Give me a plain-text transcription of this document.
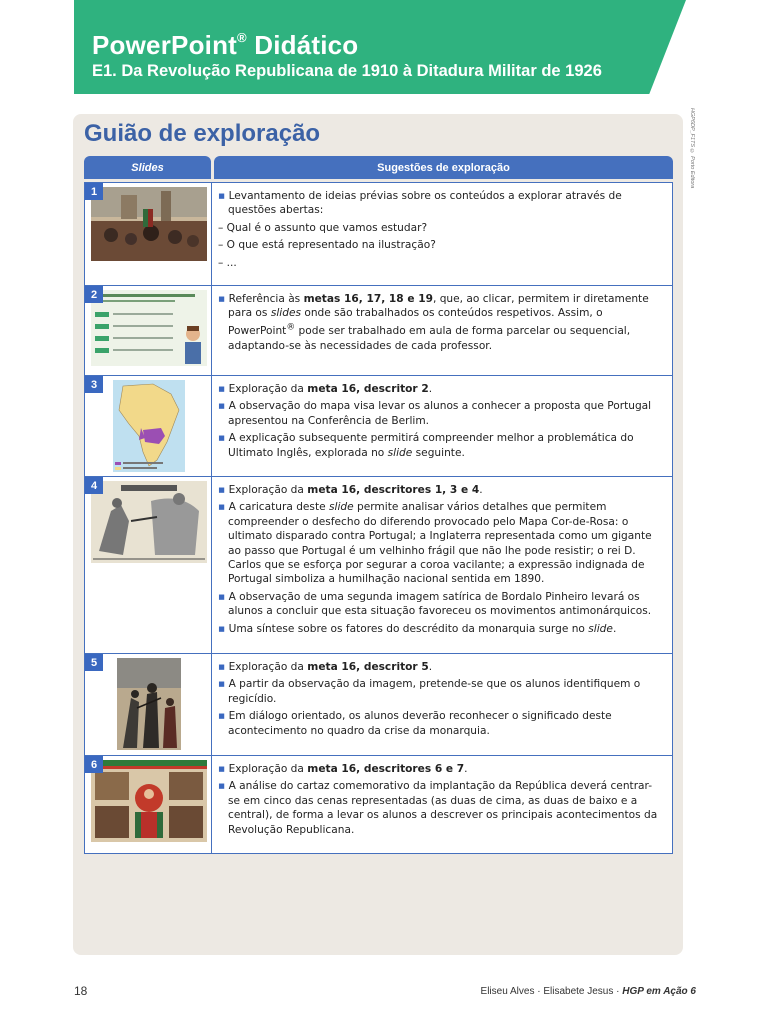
PowerPoint® Didático
E1. Da Revolução Republicana de 1910 à Ditadura Militar de 1926
HGP6DP_F1TS © Porto Editora
Guião de exploração
Slides	Sugestões de exploração
1	▪ Levantamento de ideias prévias sobre os conteúdos a explorar através de questões abertas:
– Qual é o assunto que vamos estudar?
– O que está representado na ilustração?
– ...
2	▪ Referência às metas 16, 17, 18 e 19, que, ao clicar, permitem ir diretamente para os slides onde são trabalhados os conteúdos respetivos. Assim, o PowerPoint® pode ser trabalhado em aula de forma parcelar ou sequencial, adaptando-se às necessidades de cada professor.
3	▪ Exploração da meta 16, descritor 2.
▪ A observação do mapa visa levar os alunos a conhecer a proposta que Portugal apresentou na Conferência de Berlim.
▪ A explicação subsequente permitirá compreender melhor a problemática do Ultimato Inglês, explorada no slide seguinte.
4	▪ Exploração da meta 16, descritores 1, 3 e 4.
▪ A caricatura deste slide permite analisar vários detalhes que permitem compreender o desfecho do diferendo provocado pelo Mapa Cor-de-Rosa: o ultimato disparado contra Portugal; a Inglaterra representada como um gigante ao passo que Portugal é um velhinho frágil que não lhe pode resistir; o rei D. Carlos que se esforça por segurar a coroa vacilante; a expressão indignada de Portugal simboliza a humilhação nacional sentida em 1890.
▪ A observação de uma segunda imagem satírica de Bordalo Pinheiro levará os alunos a concluir que esta situação favoreceu os movimentos antimonárquicos.
▪ Uma síntese sobre os fatores do descrédito da monarquia surge no slide.
5	▪ Exploração da meta 16, descritor 5.
▪ A partir da observação da imagem, pretende-se que os alunos identifiquem o regicídio.
▪ Em diálogo orientado, os alunos deverão reconhecer o significado deste acontecimento no quadro da crise da monarquia.
6	▪ Exploração da meta 16, descritores 6 e 7.
▪ A análise do cartaz comemorativo da implantação da República deverá centrar-se em cinco das cenas representadas (as duas de cima, as duas de baixo e a central), de forma a levar os alunos a descrever os principais acontecimentos da Revolução Republicana.
18	Eliseu Alves · Elisabete Jesus · HGP em Ação 6
